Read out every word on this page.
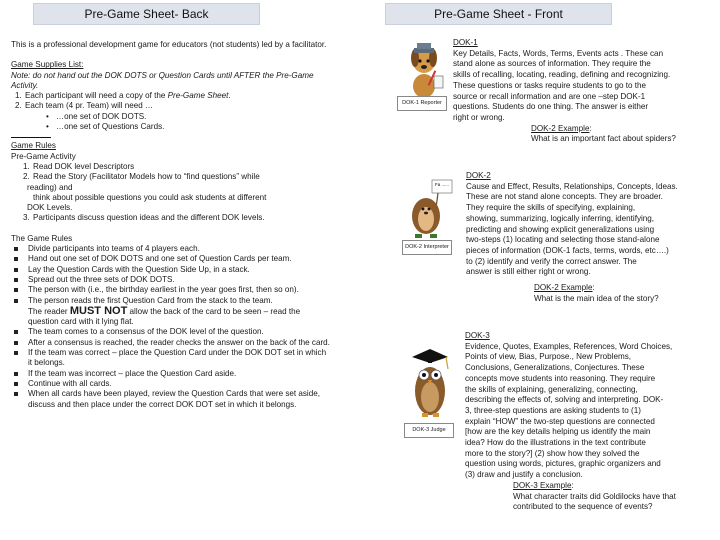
Pre-Game Sheet- Back	Pre-Game Sheet - Front

This is a professional development game for educators (not students) led by a facilitator.

Game Supplies List:

Note: do not hand out the DOK DOTS or Question Cards until AFTER the Pre-Game Activity.

1. Each participant will need a copy of the Pre-Game Sheet.
2. Each team (4 pr. Team) will need …
• …one set of DOK DOTS.
• …one set of Questions Cards.

Game Rules

Pre-Game Activity

1. Read DOK level Descriptors
2. Read the Story (Facilitator Models how to “find questions” while
reading) and
think about possible questions you could ask students at different
DOK Levels.
3. Participants discuss question ideas and the different DOK levels.

The Game Rules

Divide participants into teams of 4 players each.
Hand out one set of DOK DOTS and one set of Question Cards per team.
Lay the Question Cards with the Question Side Up, in a stack.
Spread out the three sets of DOK DOTS.
The person with (i.e., the birthday earliest in the year goes first, then so on).
The person reads the first Question Card from the stack to the team.
The reader MUST NOT allow the back of the card to be seen – read the question card with it lying flat.
The team comes to a consensus of the DOK level of the question.
After a consensus is reached, the reader checks the answer on the back of the card.
If the team was correct – place the Question Card under the DOK DOT set in which it belongs.
If the team was incorrect – place the Question Card aside.
Continue with all cards.
When all cards have been played, review the Question Cards that were set aside, discuss and then place under the correct DOK DOT set in which it belongs.
DOK-1 Reporter

DOK-1

Key Details, Facts, Words, Terms, Events acts . These can

stand alone as sources of information. They require the

skills of recalling, locating, reading, defining and recognizing.

These questions or tasks require students to go to the

source or recall information and are one –step DOK-1

questions. Students do one thing. The answer is either

right or wrong.

DOK-2 Example:

What is an important fact about spiders?

Fa ......
DOK-2 Interpreter

DOK-2

Cause and Effect, Results, Relationships, Concepts, Ideas.

These are not stand alone concepts. They are broader.

They require the skills of specifying, explaining,

showing, summarizing, logically inferring, identifying,

predicting and showing explicit generalizations using

two-steps (1) locating and selecting those stand-alone

pieces of information (DOK-1 facts, terms, words, etc….)

to (2) identify and verify the correct answer. The

answer is still either right or wrong.

DOK-2 Example:

What is the main idea of the story?

DOK-3 Judge

DOK-3

Evidence, Quotes, Examples, References, Word Choices,

Points of view, Bias, Purpose., New Problems,

Conclusions, Generalizations, Conjectures. These

concepts move students into reasoning. They require

the skills of explaining, generalizing, connecting,

describing the effects of, solving and interpreting. DOK-

3, three-step questions are asking students to (1)

explain “HOW” the two-step questions are connected

[how are the key details helping us identify the main

idea? How do the illustrations in the text contribute

more to the story?] (2) show how they solved the

question using words, pictures, graphic organizers and

(3) draw and justify a conclusion.

DOK-3 Example:

What character traits did Goldilocks have that

contributed to the sequence of events?
